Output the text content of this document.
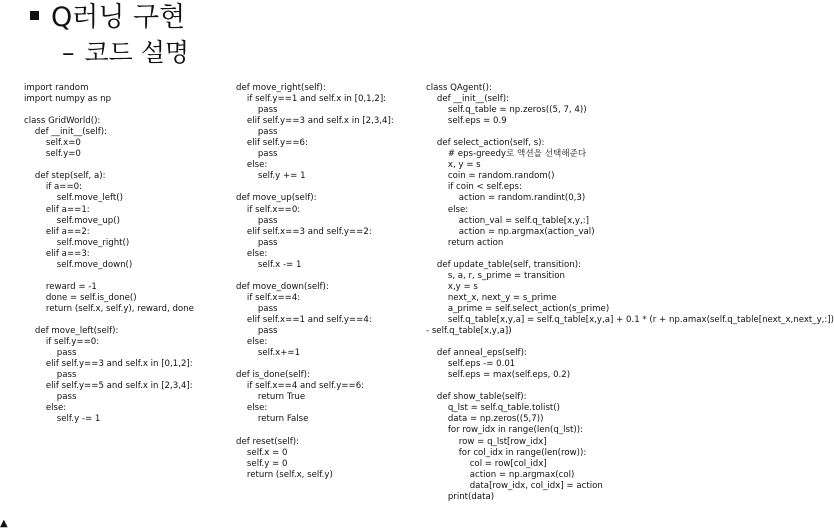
Q러닝 구현
– 코드 설명
import random
import numpy as np
class GridWorld():
def __init__(self):
self.x=0
self.y=0
def step(self, a):
if a==0:
self.move_left()
elif a==1:
self.move_up()
elif a==2:
self.move_right()
elif a==3:
self.move_down()
reward = -1
done = self.is_done()
return (self.x, self.y), reward, done
def move_left(self):
if self.y==0:
pass
elif self.y==3 and self.x in [0,1,2]:
pass
elif self.y==5 and self.x in [2,3,4]:
pass
else:
self.y -= 1
def move_right(self):
if self.y==1 and self.x in [0,1,2]:
pass
elif self.y==3 and self.x in [2,3,4]:
pass
elif self.y==6:
pass
else:
self.y += 1
def move_up(self):
if self.x==0:
pass
elif self.x==3 and self.y==2:
pass
else:
self.x -= 1
def move_down(self):
if self.x==4:
pass
elif self.x==1 and self.y==4:
pass
else:
self.x+=1
def is_done(self):
if self.x==4 and self.y==6:
return True
else:
return False
def reset(self):
self.x = 0
self.y = 0
return (self.x, self.y)
class QAgent():
def __init__(self):
self.q_table = np.zeros((5, 7, 4))
self.eps = 0.9
def select_action(self, s):
# eps-greedy로 액션을 선택해준다
x, y = s
coin = random.random()
if coin < self.eps:
action = random.randint(0,3)
else:
action_val = self.q_table[x,y,:]
action = np.argmax(action_val)
return action
def update_table(self, transition):
s, a, r, s_prime = transition
x,y = s
next_x, next_y = s_prime
a_prime = self.select_action(s_prime)
self.q_table[x,y,a] = self.q_table[x,y,a] + 0.1 * (r + np.amax(self.q_table[next_x,next_y,:])
- self.q_table[x,y,a])
def anneal_eps(self):
self.eps -= 0.01
self.eps = max(self.eps, 0.2)
def show_table(self):
q_lst = self.q_table.tolist()
data = np.zeros((5,7))
for row_idx in range(len(q_lst)):
row = q_lst[row_idx]
for col_idx in range(len(row)):
col = row[col_idx]
action = np.argmax(col)
data[row_idx, col_idx] = action
print(data)
▲
